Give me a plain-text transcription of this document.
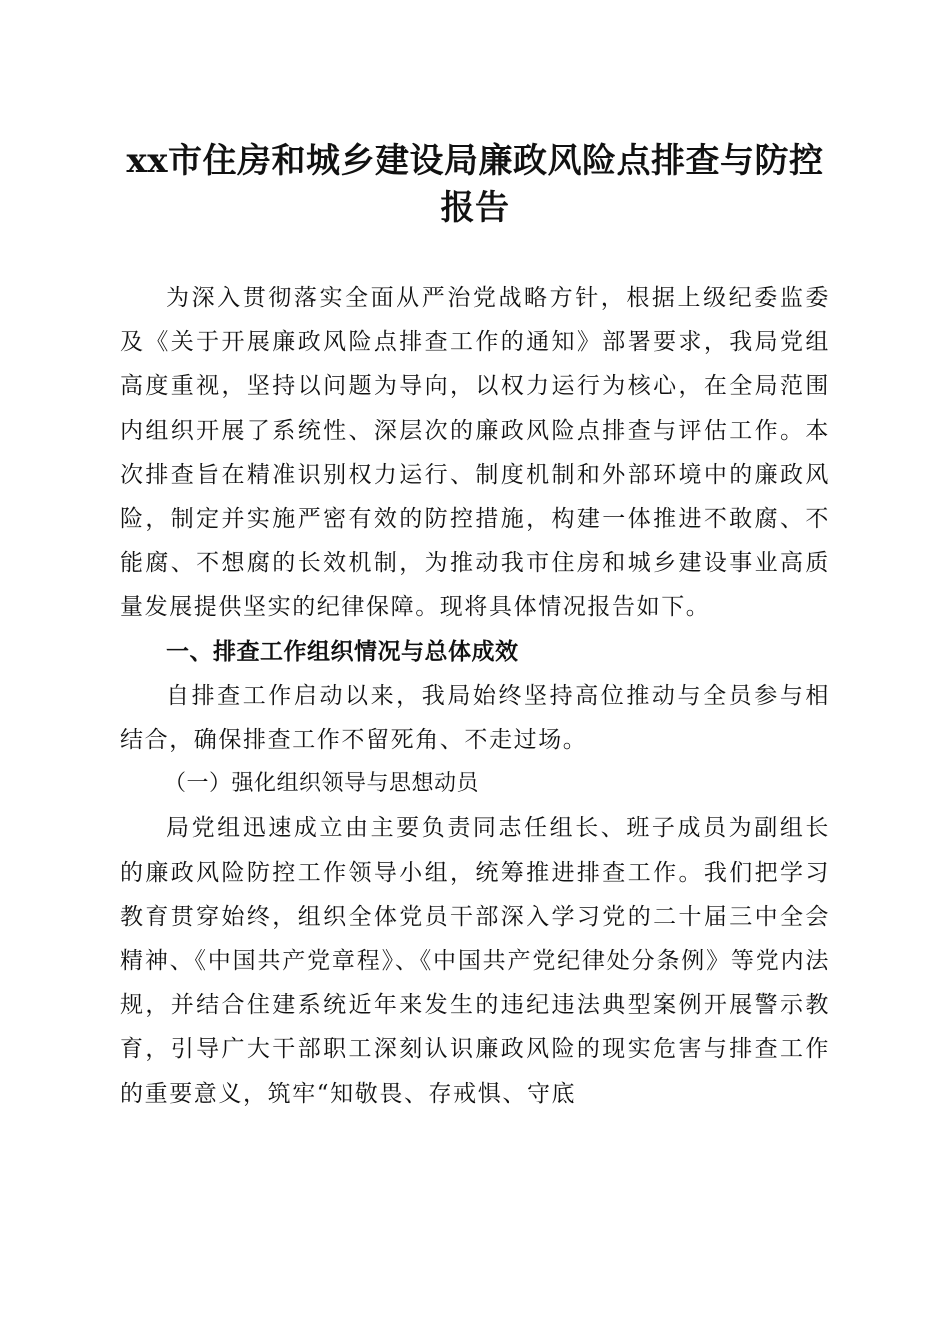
xx市住房和城乡建设局廉政风险点排查与防控报告

为深入贯彻落实全面从严治党战略方针，根据上级纪委监委及《关于开展廉政风险点排查工作的通知》部署要求，我局党组高度重视，坚持以问题为导向，以权力运行为核心，在全局范围内组织开展了系统性、深层次的廉政风险点排查与评估工作。本次排查旨在精准识别权力运行、制度机制和外部环境中的廉政风险，制定并实施严密有效的防控措施，构建一体推进不敢腐、不能腐、不想腐的长效机制，为推动我市住房和城乡建设事业高质量发展提供坚实的纪律保障。现将具体情况报告如下。

一、排查工作组织情况与总体成效

自排查工作启动以来，我局始终坚持高位推动与全员参与相结合，确保排查工作不留死角、不走过场。

（一）强化组织领导与思想动员

局党组迅速成立由主要负责同志任组长、班子成员为副组长的廉政风险防控工作领导小组，统筹推进排查工作。我们把学习教育贯穿始终，组织全体党员干部深入学习党的二十届三中全会精神、《中国共产党章程》、《中国共产党纪律处分条例》等党内法规，并结合住建系统近年来发生的违纪违法典型案例开展警示教育，引导广大干部职工深刻认识廉政风险的现实危害与排查工作的重要意义，筑牢“知敬畏、存戒惧、守底
